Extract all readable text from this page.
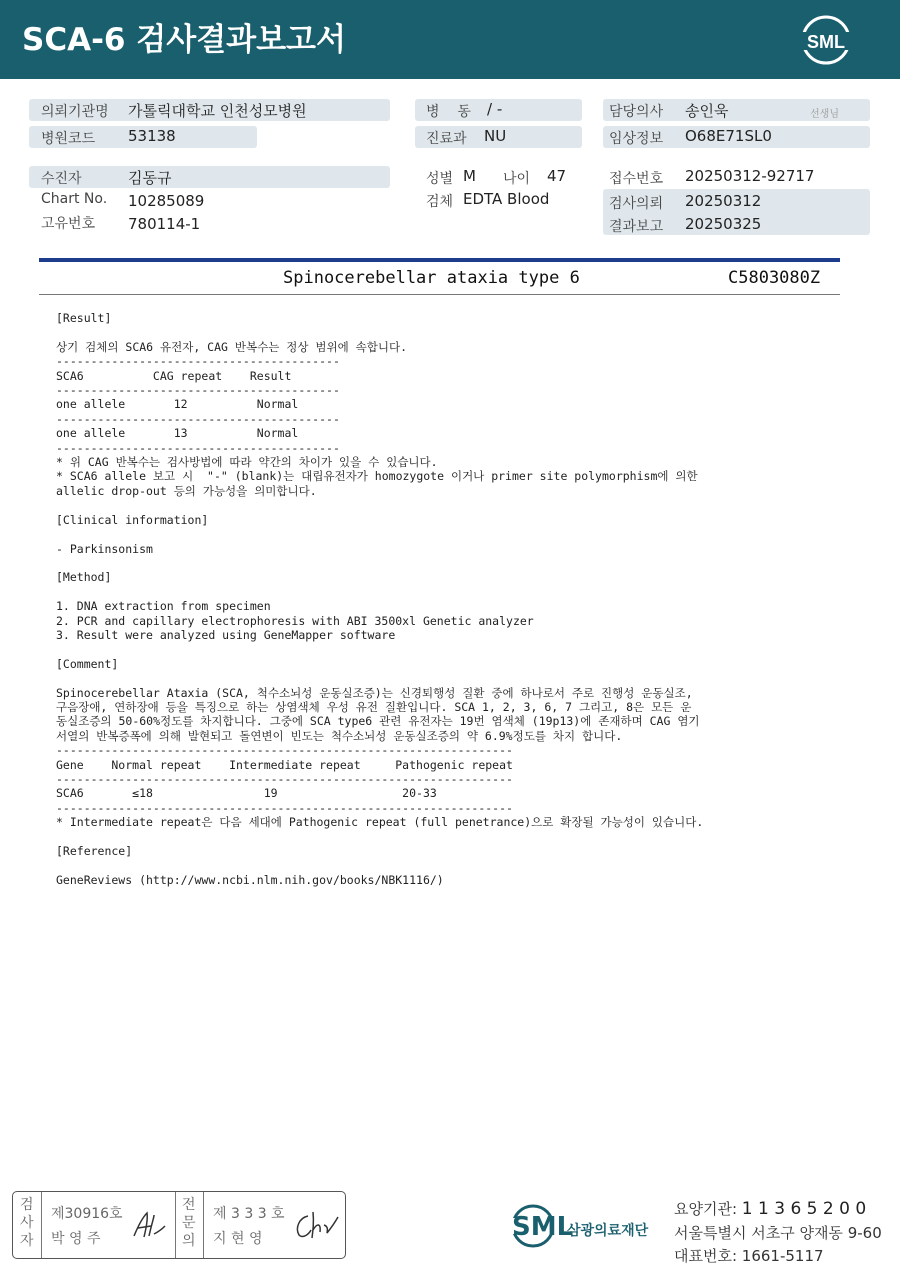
SCA-6 검사결과보고서	SML
의뢰기관명 가톨릭대학교 인천성모병원	병    동 / -	담당의사 송인욱	선생님
병원코드 53138	진료과 NU	임상정보 O68E71SL0
수진자	김동규	성별 M 나이 47	접수번호 20250312-92717
Chart No. 10285089	검체 EDTA Blood	검사의뢰 20250312
고유번호 780114-1	결과보고 20250325
Spinocerebellar ataxia type 6	C5803080Z
[Result]

상기 검체의 SCA6 유전자, CAG 반복수는 정상 범위에 속합니다.
-----------------------------------------
SCA6          CAG repeat    Result
-----------------------------------------
one allele       12          Normal
-----------------------------------------
one allele       13          Normal
-----------------------------------------
* 위 CAG 반복수는 검사방법에 따라 약간의 차이가 있을 수 있습니다.
* SCA6 allele 보고 시  "-" (blank)는 대립유전자가 homozygote 이거나 primer site polymorphism에 의한
allelic drop-out 등의 가능성을 의미합니다.

[Clinical information]

- Parkinsonism

[Method]

1. DNA extraction from specimen
2. PCR and capillary electrophoresis with ABI 3500xl Genetic analyzer
3. Result were analyzed using GeneMapper software

[Comment]

Spinocerebellar Ataxia (SCA, 척수소뇌성 운동실조증)는 신경퇴행성 질환 중에 하나로서 주로 진행성 운동실조,
구음장애, 연하장애 등을 특징으로 하는 상염색체 우성 유전 질환입니다. SCA 1, 2, 3, 6, 7 그리고, 8은 모든 운
동실조증의 50-60%정도를 차지합니다. 그중에 SCA type6 관련 유전자는 19번 염색체 (19p13)에 존재하며 CAG 염기
서열의 반복증폭에 의해 발현되고 돌연변이 빈도는 척수소뇌성 운동실조증의 약 6.9%정도를 차지 합니다.
------------------------------------------------------------------
Gene    Normal repeat    Intermediate repeat     Pathogenic repeat
------------------------------------------------------------------
SCA6       ≤18                19                  20-33
------------------------------------------------------------------
* Intermediate repeat은 다음 세대에 Pathogenic repeat (full penetrance)으로 확장될 가능성이 있습니다.

[Reference]

GeneReviews (http://www.ncbi.nlm.nih.gov/books/NBK1116/)
검사자
제30916호
박 영 주
전문의
제 3 3 3 호
지 현 영	SML
삼광의료재단
요양기관: 1 1 3 6 5 2 0 0
서울특별시 서초구 양재동 9-60
대표번호: 1661-5117
